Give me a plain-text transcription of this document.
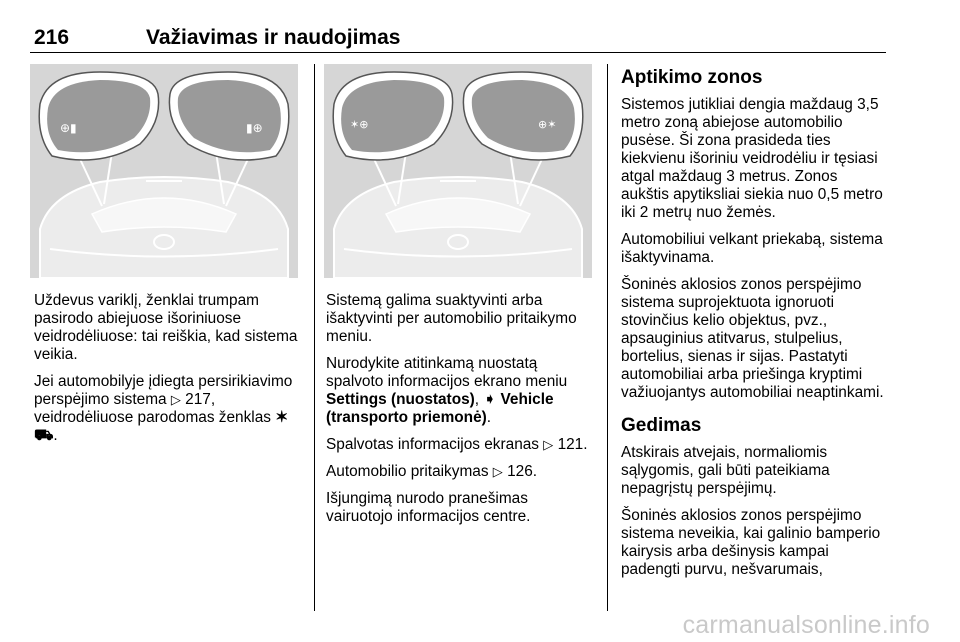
216	Važiavimas ir naudojimas
⊕▮	▮⊕	✶⊕	⊕✶

Uždevus variklį, ženklai trumpam pasirodo abiejuose išoriniuose veidrodėliuose: tai reiškia, kad sistema veikia.

Jei automobilyje įdiegta persirikiavimo perspėjimo sistema ▷ 217, veidrodėliuose parodomas ženklas ✶⛟.

Sistemą galima suaktyvinti arba išaktyvinti per automobilio pritaikymo meniu.

Nurodykite atitinkamą nuostatą spalvoto informacijos ekrano meniu Settings (nuostatos), ➧ Vehicle (transporto priemonė).

Spalvotas informacijos ekranas ▷ 121.

Automobilio pritaikymas ▷ 126.

Išjungimą nurodo pranešimas vairuotojo informacijos centre.

Aptikimo zonos

Sistemos jutikliai dengia maždaug 3,5 metro zoną abiejose automobilio pusėse. Ši zona prasideda ties kiekvienu išoriniu veidrodėliu ir tęsiasi atgal maždaug 3 metrus. Zonos aukštis apytiksliai siekia nuo 0,5 metro iki 2 metrų nuo žemės.

Automobiliui velkant priekabą, sistema išaktyvinama.

Šoninės aklosios zonos perspėjimo sistema suprojektuota ignoruoti stovinčius kelio objektus, pvz., apsauginius atitvarus, stulpelius, bortelius, sienas ir sijas. Pastatyti automobiliai arba priešinga kryptimi važiuojantys automobiliai neaptinkami.

Gedimas

Atskirais atvejais, normaliomis sąlygomis, gali būti pateikiama nepagrįstų perspėjimų.

Šoninės aklosios zonos perspėjimo sistema neveikia, kai galinio bamperio kairysis arba dešinysis kampai padengti purvu, nešvarumais,

carmanualsonline.info
